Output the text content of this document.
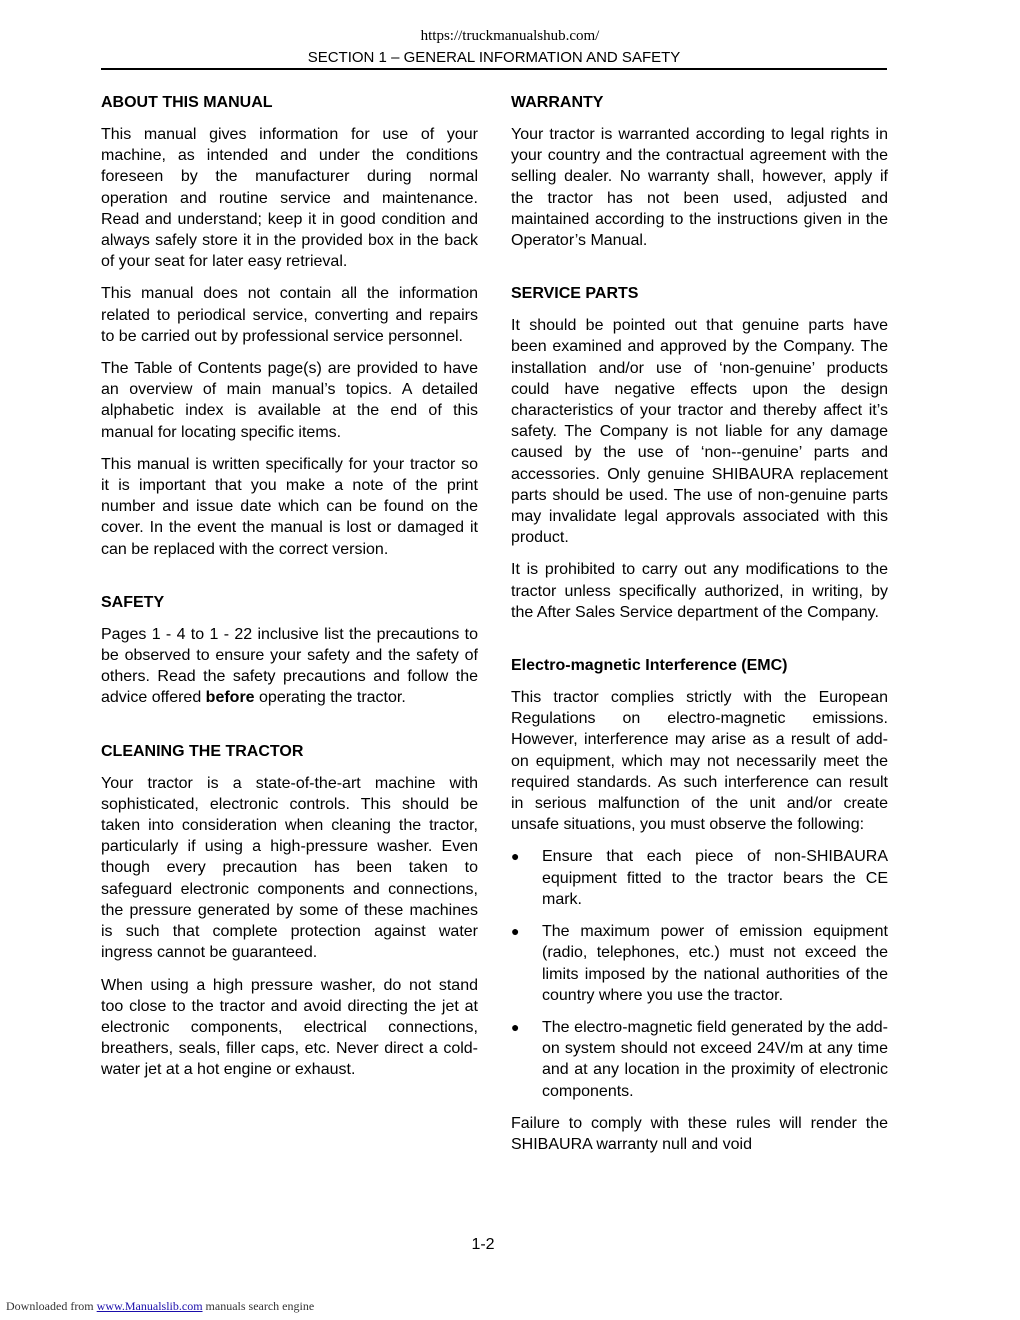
https://truckmanualshub.com/
SECTION 1 – GENERAL INFORMATION AND SAFETY
ABOUT THIS MANUAL

This manual gives information for use of your machine, as intended and under the conditions foreseen by the manufacturer during normal operation and routine service and maintenance. Read and understand; keep it in good condition and always safely store it in the provided box in the back of your seat for later easy retrieval.

This manual does not contain all the information related to periodical service, converting and repairs to be carried out by professional service personnel.

The Table of Contents page(s) are provided to have an overview of main manual’s topics. A detailed alphabetic index is available at the end of this manual for locating specific items.

This manual is written specifically for your tractor so it is important that you make a note of the print number and issue date which can be found on the cover. In the event the manual is lost or damaged it can be replaced with the correct version.

SAFETY

Pages 1 - 4 to 1 - 22 inclusive list the precautions to be observed to ensure your safety and the safety of others. Read the safety precautions and follow the advice offered before operating the tractor.

CLEANING THE TRACTOR

Your tractor is a state-of-the-art machine with sophisticated, electronic controls. This should be taken into consideration when cleaning the tractor, particularly if using a high-pressure washer. Even though every precaution has been taken to safeguard electronic components and connections, the pressure generated by some of these machines is such that complete protection against water ingress cannot be guaranteed.

When using a high pressure washer, do not stand too close to the tractor and avoid directing the jet at electronic components, electrical connections, breathers, seals, filler caps, etc. Never direct a cold-water jet at a hot engine or exhaust.

WARRANTY

Your tractor is warranted according to legal rights in your country and the contractual agreement with the selling dealer. No warranty shall, however, apply if the tractor has not been used, adjusted and maintained according to the instructions given in the Operator’s Manual.

SERVICE PARTS

It should be pointed out that genuine parts have been examined and approved by the Company. The installation and/or use of ‘non-genuine’ products could have negative effects upon the design characteristics of your tractor and thereby affect it’s safety. The Company is not liable for any damage caused by the use of ‘non--genuine’ parts and accessories. Only genuine SHIBAURA replacement parts should be used. The use of non-genuine parts may invalidate legal approvals associated with this product.

It is prohibited to carry out any modifications to the tractor unless specifically authorized, in writing, by the After Sales Service department of the Company.

Electro-magnetic Interference (EMC)

This tractor complies strictly with the European Regulations on electro-magnetic emissions. However, interference may arise as a result of add-on equipment, which may not necessarily meet the required standards. As such interference can result in serious malfunction of the unit and/or create unsafe situations, you must observe the following:

● Ensure that each piece of non-SHIBAURA equipment fitted to the tractor bears the CE mark.
● The maximum power of emission equipment (radio, telephones, etc.) must not exceed the limits imposed by the national authorities of the country where you use the tractor.
● The electro-magnetic field generated by the add-on system should not exceed 24V/m at any time and at any location in the proximity of electronic components.

Failure to comply with these rules will render the SHIBAURA warranty null and void

1-2
Downloaded from www.Manualslib.com manuals search engine
